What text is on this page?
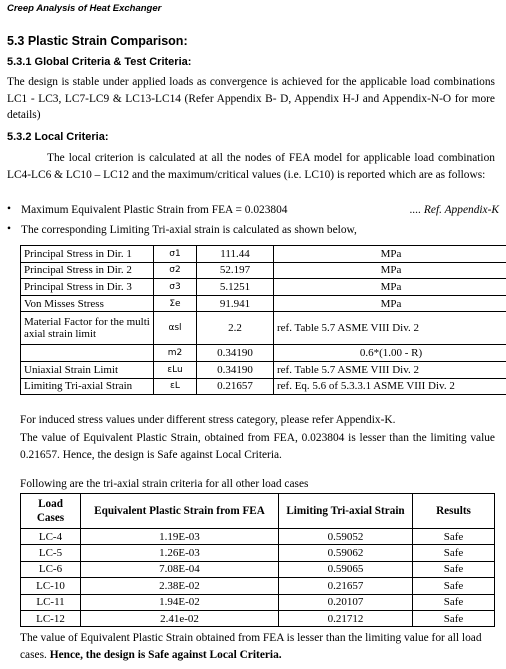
Creep Analysis of Heat Exchanger
5.3 Plastic Strain Comparison:
5.3.1 Global Criteria & Test Criteria:
The design is stable under applied loads as convergence is achieved for the applicable load combinations LC1 - LC3, LC7-LC9 & LC13-LC14 (Refer Appendix B- D, Appendix H-J and Appendix-N-O for more details)
5.3.2 Local Criteria:
The local criterion is calculated at all the nodes of FEA model for applicable load combination LC4-LC6 & LC10 – LC12 and the maximum/critical values (i.e. LC10) is reported which are as follows:
• Maximum Equivalent Plastic Strain from FEA = 0.023804	.... Ref. Appendix-K
• The corresponding Limiting Tri-axial strain is calculated as shown below,
Principal Stress in Dir. 1	σ1	111.44	MPa
Principal Stress in Dir. 2	σ2	52.197	MPa
Principal Stress in Dir. 3	σ3	5.1251	MPa
Von Misses Stress	Σe	91.941	MPa
Material Factor for the multi axial strain limit	αsl	2.2	ref. Table 5.7 ASME VIII Div. 2
	m2	0.34190	0.6*(1.00 - R)
Uniaxial Strain Limit	εLu	0.34190	ref. Table 5.7 ASME VIII Div. 2
Limiting Tri-axial Strain	εL	0.21657	ref. Eq. 5.6 of 5.3.3.1 ASME VIII Div. 2
For induced stress values under different stress category, please refer Appendix-K.
The value of Equivalent Plastic Strain, obtained from FEA, 0.023804 is lesser than the limiting value 0.21657. Hence, the design is Safe against Local Criteria.
Following are the tri-axial strain criteria for all other load cases
Load Cases	Equivalent Plastic Strain from FEA	Limiting Tri-axial Strain	Results
LC-4	1.19E-03	0.59052	Safe
LC-5	1.26E-03	0.59062	Safe
LC-6	7.08E-04	0.59065	Safe
LC-10	2.38E-02	0.21657	Safe
LC-11	1.94E-02	0.20107	Safe
LC-12	2.41e-02	0.21712	Safe
The value of Equivalent Plastic Strain obtained from FEA is lesser than the limiting value for all load cases. Hence, the design is Safe against Local Criteria.
